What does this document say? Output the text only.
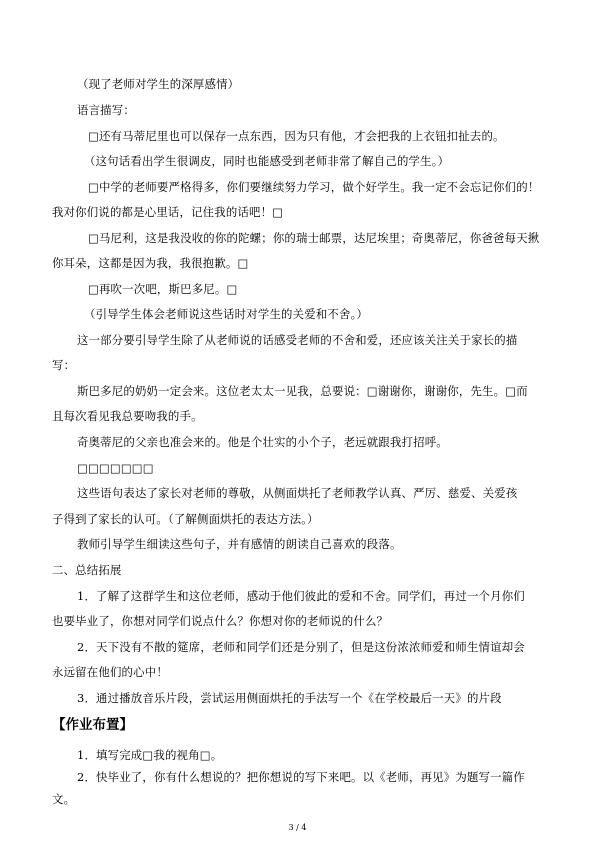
（现了老师对学生的深厚感情）
语言描写：
□还有马蒂尼里也可以保存一点东西，因为只有他，才会把我的上衣钮扣扯去的。
（这句话看出学生很调皮，同时也能感受到老师非常了解自己的学生。）
□中学的老师要严格得多，你们要继续努力学习，做个好学生。我一定不会忘记你们的！
我对你们说的都是心里话，记住我的话吧！□
□马尼利，这是我没收的你的陀螺；你的瑞士邮票，达尼埃里；奇奥蒂尼，你爸爸每天揪
你耳朵，这都是因为我，我很抱歉。□
□再吹一次吧，斯巴多尼。□
（引导学生体会老师说这些话时对学生的关爱和不舍。）
这一部分要引导学生除了从老师说的话感受老师的不舍和爱，还应该关注关于家长的描
写：
斯巴多尼的奶奶一定会来。这位老太太一见我，总要说：□谢谢你，谢谢你，先生。□而
且每次看见我总要吻我的手。
奇奥蒂尼的父亲也准会来的。他是个壮实的小个子，老远就跟我打招呼。
□□□□□□□
这些语句表达了家长对老师的尊敬，从侧面烘托了老师教学认真、严厉、慈爱、关爱孩
子得到了家长的认可。（了解侧面烘托的表达方法。）
教师引导学生细读这些句子，并有感情的朗读自己喜欢的段落。
二、总结拓展
1．了解了这群学生和这位老师，感动于他们彼此的爱和不舍。同学们，再过一个月你们
也要毕业了，你想对同学们说点什么？你想对你的老师说的什么？
2．天下没有不散的筵席，老师和同学们还是分别了，但是这份浓浓师爱和师生情谊却会
永远留在他们的心中！
3．通过播放音乐片段，尝试运用侧面烘托的手法写一个《在学校最后一天》的片段
【作业布置】
1．填写完成□我的视角□。
2．快毕业了，你有什么想说的？把你想说的写下来吧。以《老师，再见》为题写一篇作
文。
3 / 4
